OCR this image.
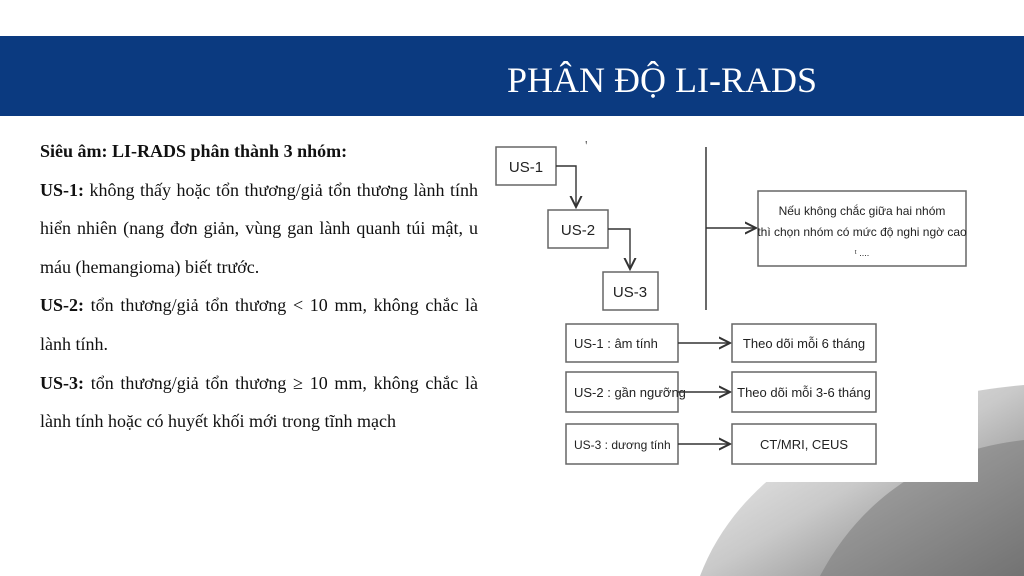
PHÂN ĐỘ LI-RADS

Siêu âm: LI-RADS phân thành 3 nhóm:

US-1: không thấy hoặc tổn thương/giả tổn thương lành tính hiển nhiên (nang đơn giản, vùng gan lành quanh túi mật, u máu (hemangioma) biết trước.

US-2: tổn thương/giả tổn thương < 10 mm, không chắc là lành tính.

US-3: tổn thương/giả tổn thương ≥ 10 mm, không chắc là lành tính hoặc có huyết khối mới trong tĩnh mạch

'
US-1
US-2
US-3
Nếu không chắc giữa hai nhóm
thì chọn nhóm có mức độ nghi ngờ cao
ᵗ ....
US-1 : âm tính	Theo dõi mỗi 6 tháng
US-2 : gần ngưỡng	Theo dõi mỗi 3-6 tháng
US-3 : dương tính	CT/MRI, CEUS
